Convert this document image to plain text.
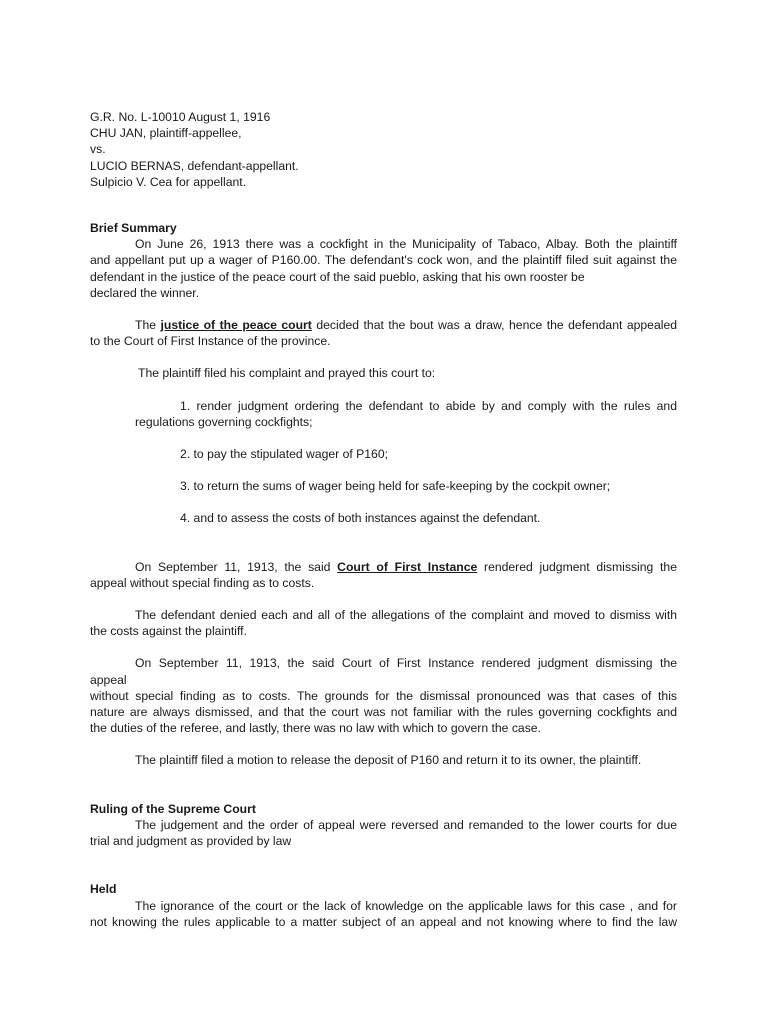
G.R. No. L-10010 August 1, 1916
CHU JAN, plaintiff-appellee,
vs.
LUCIO BERNAS, defendant-appellant.
Sulpicio V. Cea for appellant.
Brief Summary
On June 26, 1913 there was a cockfight in the Municipality of Tabaco, Albay. Both the plaintiff
and appellant put up a wager of P160.00. The defendant's cock won, and the plaintiff filed suit against the
defendant in the justice of the peace court of the said pueblo, asking that his own rooster be
declared the winner.
The justice of the peace court decided that the bout was a draw, hence the defendant appealed
to the Court of First Instance of the province.
The plaintiff filed his complaint and prayed this court to:
1. render judgment ordering the defendant to abide by and comply with the rules and
regulations governing cockfights;
2. to pay the stipulated wager of P160;
3. to return the sums of wager being held for safe-keeping by the cockpit owner;
4. and to assess the costs of both instances against the defendant.
On September 11, 1913, the said Court of First Instance rendered judgment dismissing the
appeal without special finding as to costs.
The defendant denied each and all of the allegations of the complaint and moved to dismiss with
the costs against the plaintiff.
On September 11, 1913, the said Court of First Instance rendered judgment dismissing the
appeal
without special finding as to costs. The grounds for the dismissal pronounced was that cases of this
nature are always dismissed, and that the court was not familiar with the rules governing cockfights and
the duties of the referee, and lastly, there was no law with which to govern the case.
The plaintiff filed a motion to release the deposit of P160 and return it to its owner, the plaintiff.
Ruling of the Supreme Court
The judgement and the order of appeal were reversed and remanded to the lower courts for due
trial and judgment as provided by law
Held
The ignorance of the court or the lack of knowledge on the applicable laws for this case , and for
not knowing the rules applicable to a matter subject of an appeal and not knowing where to find the law
